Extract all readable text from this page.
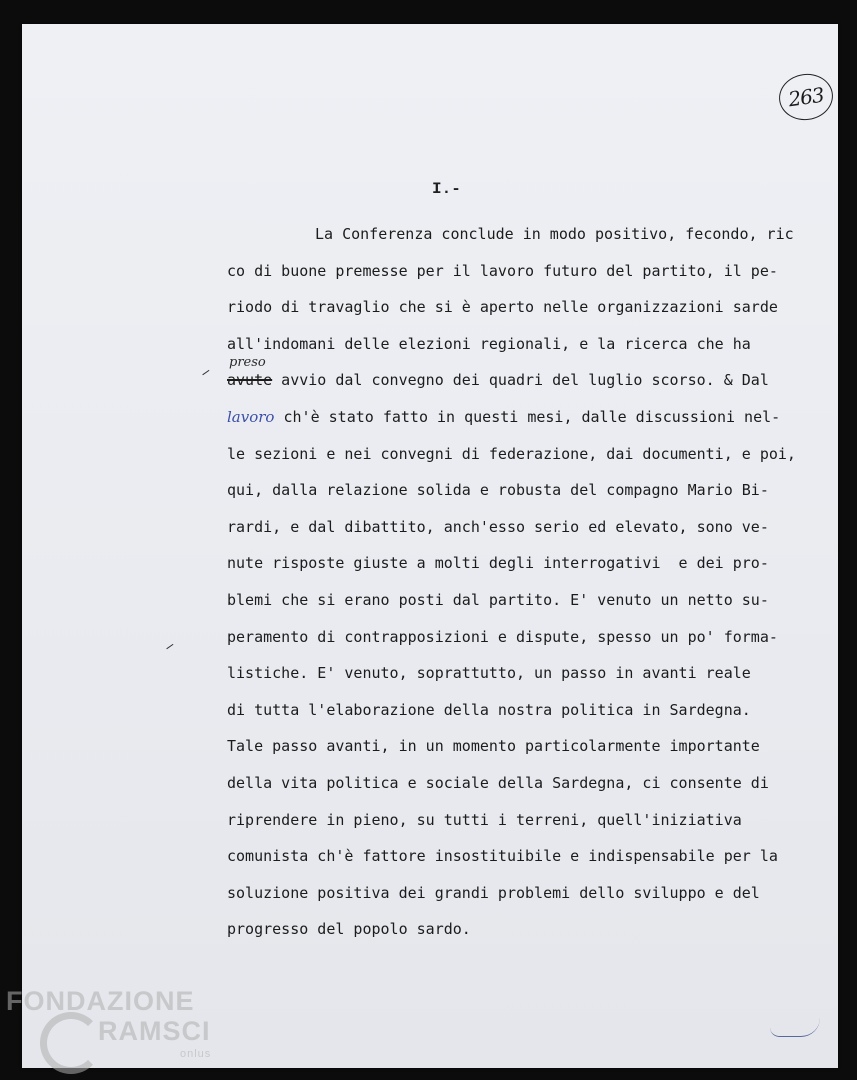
263
I.-
La Conferenza conclude in modo positivo, fecondo, ric
co di buone premesse per il lavoro futuro del partito, il pe-
riodo di travaglio che si è aperto nelle organizzazioni sarde
all'indomani delle elezioni regionali, e la ricerca che ha
avute
preso
avvio dal convegno dei quadri del luglio scorso. & Dal
lavoro ch'è stato fatto in questi mesi, dalle discussioni nel-
le sezioni e nei convegni di federazione, dai documenti, e poi,
qui, dalla relazione solida e robusta del compagno Mario Bi-
rardi, e dal dibattito, anch'esso serio ed elevato, sono ve-
nute risposte giuste a molti degli interrogativi  e dei pro-
blemi che si erano posti dal partito. E' venuto un netto su-
peramento di contrapposizioni e dispute, spesso un po' forma-
listiche. E' venuto, soprattutto, un passo in avanti reale
di tutta l'elaborazione della nostra politica in Sardegna.
Tale passo avanti, in un momento particolarmente importante
della vita politica e sociale della Sardegna, ci consente di
riprendere in pieno, su tutti i terreni, quell'iniziativa
comunista ch'è fattore insostituibile e indispensabile per la
soluzione positiva dei grandi problemi dello sviluppo e del
progresso del popolo sardo.
FONDAZIONE
RAMSCI
onlus
